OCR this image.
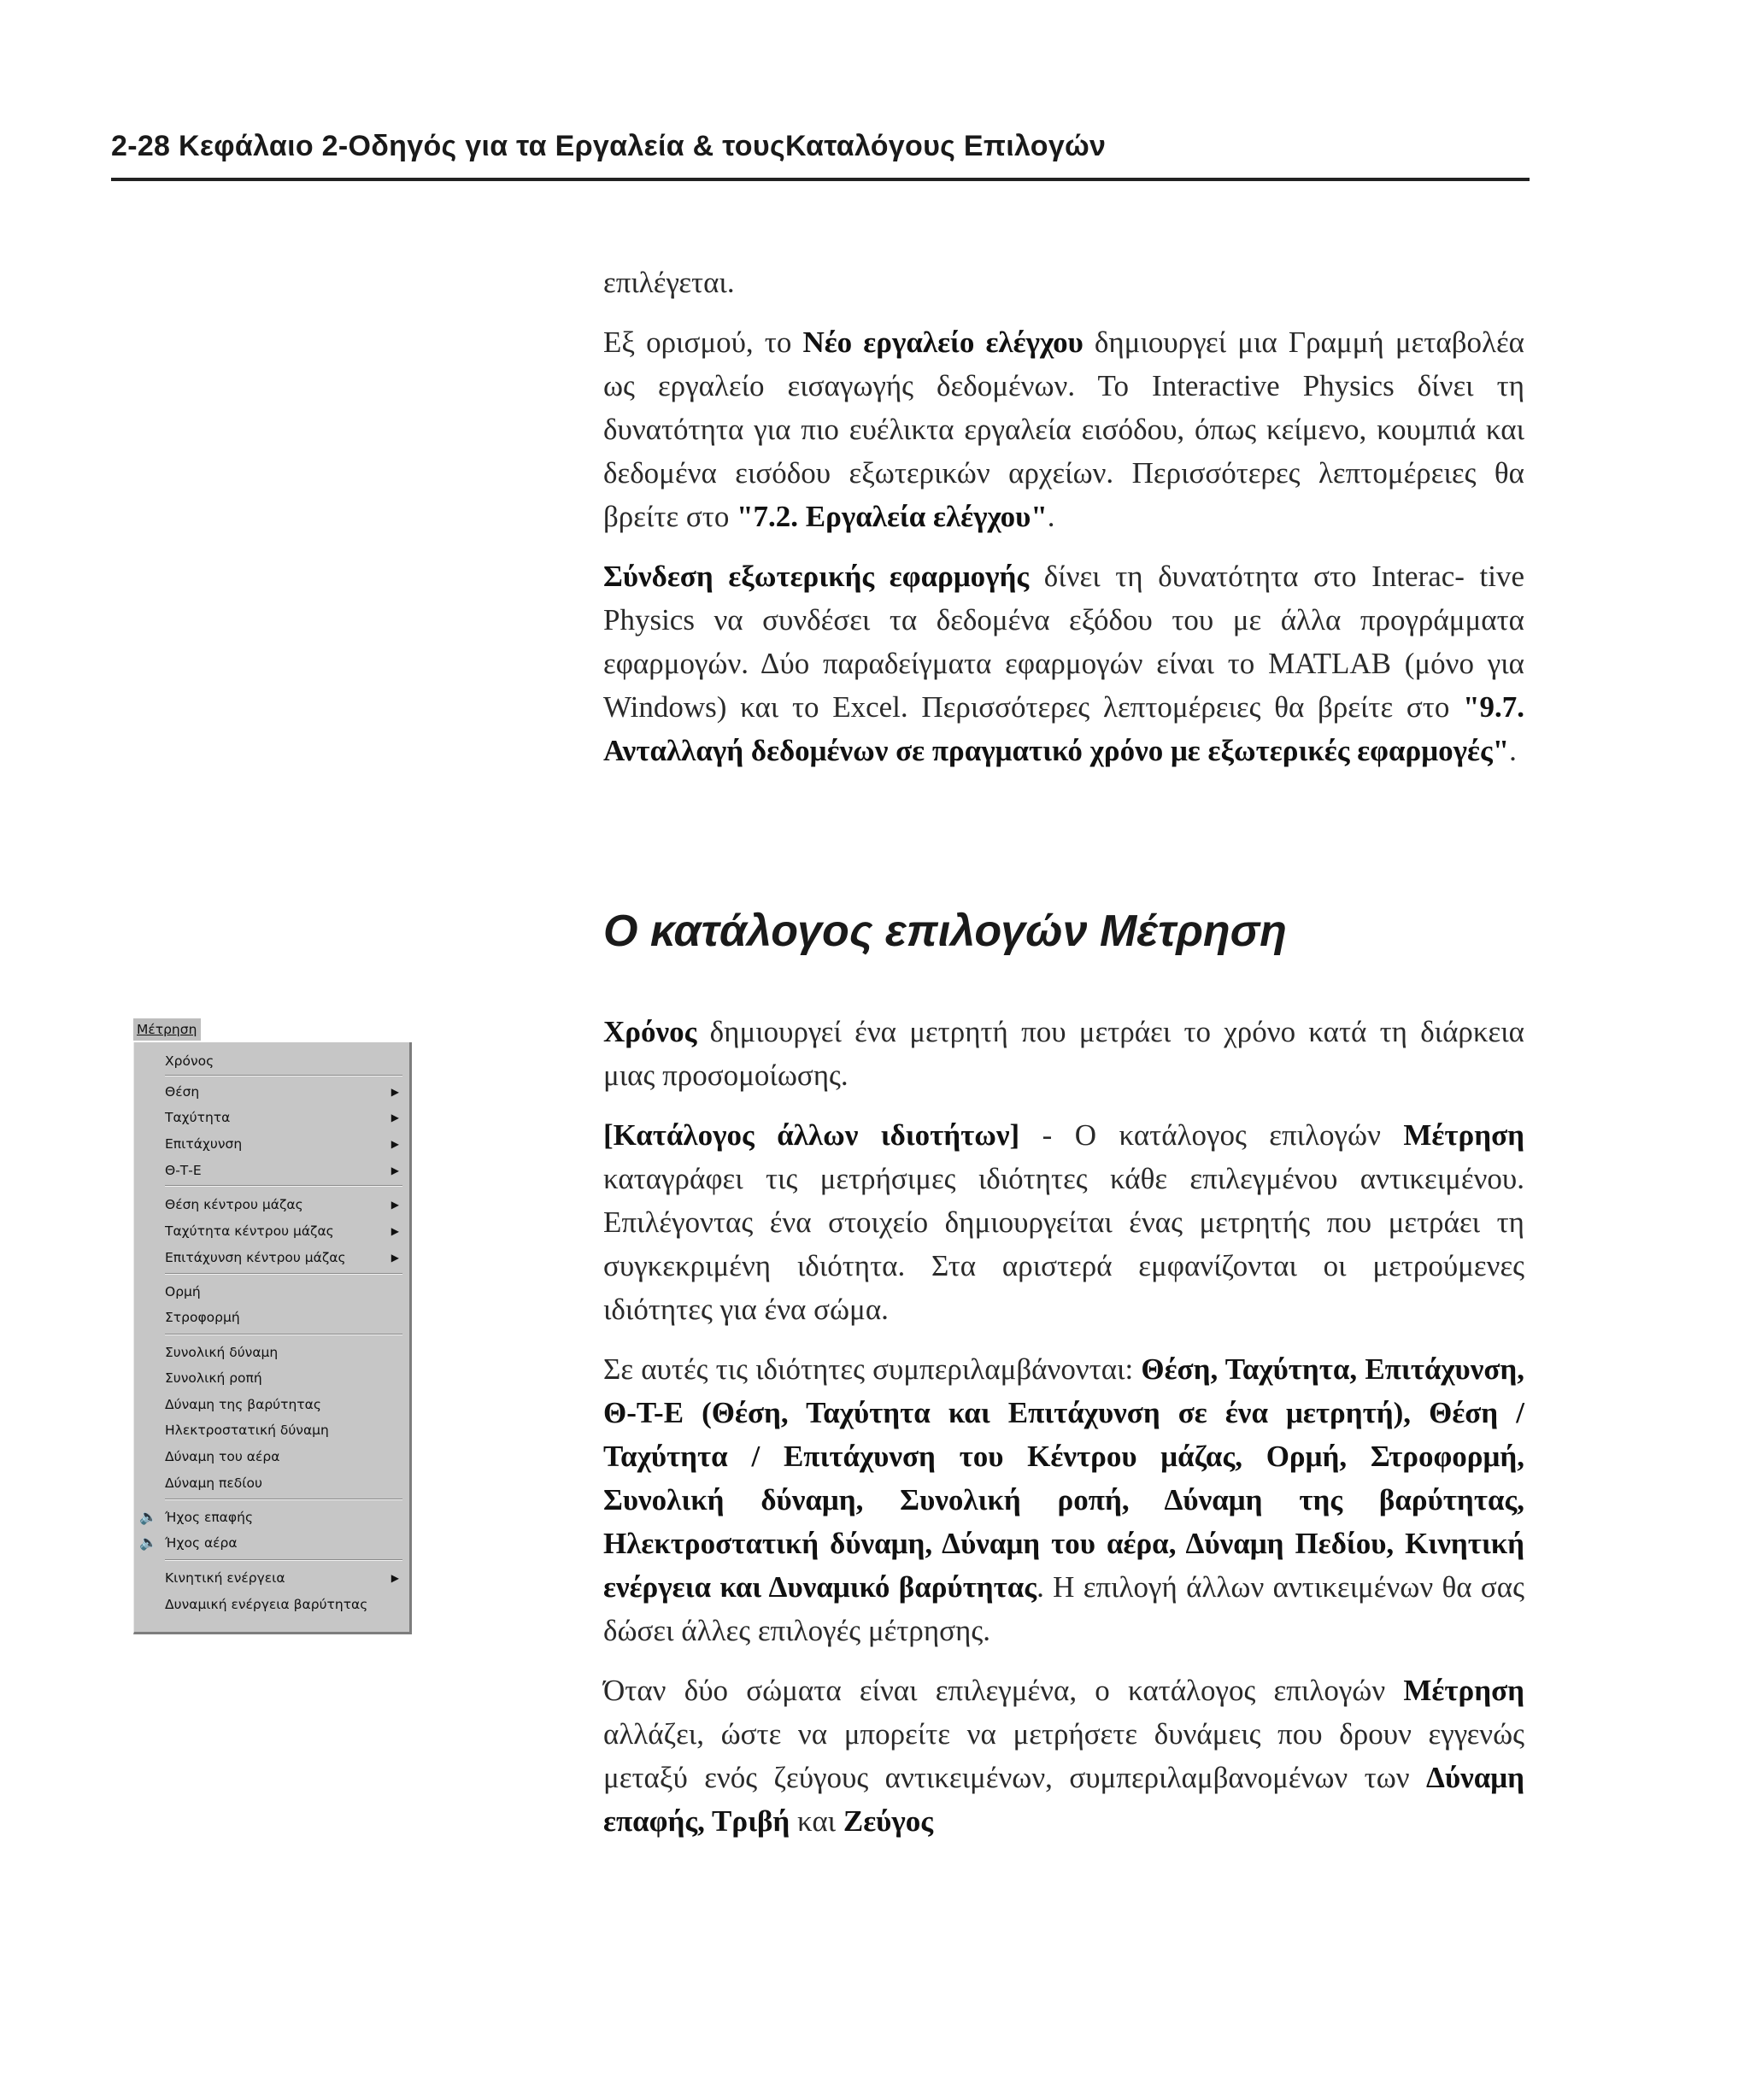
2-28 Κεφάλαιο 2-Οδηγός για τα Εργαλεία & τουςΚαταλόγους Επιλογών

επιλέγεται.

Εξ ορισμού, το Νέο εργαλείο ελέγχου δημιουργεί μια Γραμμή μεταβολέα ως εργαλείο εισαγωγής δεδομένων. Το Interactive Physics δίνει τη δυνατότητα για πιο ευέλικτα εργαλεία εισόδου, όπως κείμενο, κουμπιά και δεδομένα εισόδου εξωτερικών αρχείων. Περισσότερες λεπτομέρειες θα βρείτε στο "7.2. Εργαλεία ελέγχου".

Σύνδεση εξωτερικής εφαρμογής δίνει τη δυνατότητα στο Interac- tive Physics να συνδέσει τα δεδομένα εξόδου του με άλλα προγράμματα εφαρμογών. Δύο παραδείγματα εφαρμογών είναι το MATLAB (μόνο για Windows) και το Excel. Περισσότερες λεπτομέρειες θα βρείτε στο "9.7. Ανταλλαγή δεδομένων σε πραγματικό χρόνο με εξωτερικές εφαρμογές".

Ο κατάλογος επιλογών Μέτρηση

Χρόνος δημιουργεί ένα μετρητή που μετράει το χρόνο κατά τη διάρκεια μιας προσομοίωσης.

[Κατάλογος άλλων ιδιοτήτων] - Ο κατάλογος επιλογών Μέτρηση καταγράφει τις μετρήσιμες ιδιότητες κάθε επιλεγμένου αντικειμένου. Επιλέγοντας ένα στοιχείο δημιουργείται ένας μετρητής που μετράει τη συγκεκριμένη ιδιότητα. Στα αριστερά εμφανίζονται οι μετρούμενες ιδιότητες για ένα σώμα.

Σε αυτές τις ιδιότητες συμπεριλαμβάνονται: Θέση, Ταχύτητα, Επιτάχυνση, Θ-Τ-Ε (Θέση, Ταχύτητα και Επιτάχυνση σε ένα μετρητή), Θέση / Ταχύτητα / Επιτάχυνση του Κέντρου μάζας, Ορμή, Στροφορμή, Συνολική δύναμη, Συνολική ροπή, Δύναμη της βαρύτητας, Ηλεκτροστατική δύναμη, Δύναμη του αέρα, Δύναμη Πεδίου, Κινητική ενέργεια και Δυναμικό βαρύτητας. Η επιλογή άλλων αντικειμένων θα σας δώσει άλλες επιλογές μέτρησης.

Όταν δύο σώματα είναι επιλεγμένα, ο κατάλογος επιλογών Μέτρηση αλλάζει, ώστε να μπορείτε να μετρήσετε δυνάμεις που δρουν εγγενώς μεταξύ ενός ζεύγους αντικειμένων, συμπεριλαμβανομένων των Δύναμη επαφής, Τριβή και Ζεύγος

Μέτρηση
Χρόνος
Θέση	▶
Ταχύτητα	▶
Επιτάχυνση	▶
Θ-Τ-Ε	▶
Θέση κέντρου μάζας	▶
Ταχύτητα κέντρου μάζας	▶
Επιτάχυνση κέντρου μάζας	▶
Ορμή
Στροφορμή
Συνολική δύναμη
Συνολική ροπή
Δύναμη της βαρύτητας
Ηλεκτροστατική δύναμη
Δύναμη του αέρα
Δύναμη πεδίου
🔈 Ήχος επαφής
🔈 Ήχος αέρα
Κινητική ενέργεια	▶
Δυναμική ενέργεια βαρύτητας
